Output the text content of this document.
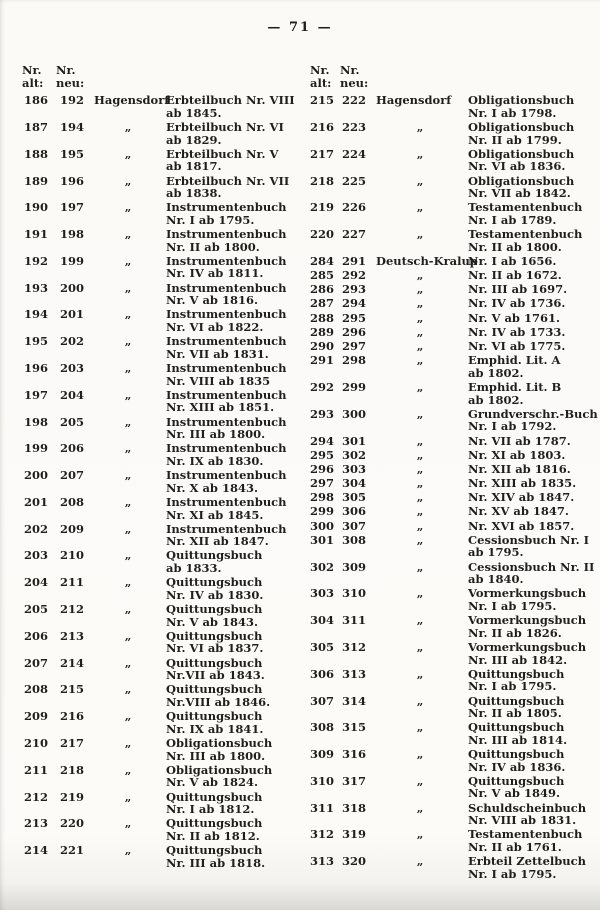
— 71 —
Nr.
alt:
Nr.
neu:
186	192 Hagensdorf
Erbteilbuch Nr. VIII
ab 1845.
187	194	„	Erbteilbuch Nr. VI
ab 1829.
188	195	„	Erbteilbuch Nr. V
ab 1817.
189	196	„	Erbteilbuch Nr. VII
ab 1838.
190	197	„	Instrumentenbuch
Nr. I ab 1795.
191	198	„	Instrumentenbuch
Nr. II ab 1800.
192	199	„	Instrumentenbuch
Nr. IV ab 1811.
193	200	„	Instrumentenbuch
Nr. V ab 1816.
194	201	„	Instrumentenbuch
Nr. VI ab 1822.
195	202	„	Instrumentenbuch
Nr. VII ab 1831.
196	203	„	Instrumentenbuch
Nr. VIII ab 1835
197	204	„	Instrumentenbuch
Nr. XIII ab 1851.
198	205	„	Instrumentenbuch
Nr. III ab 1800.
199	206	„	Instrumentenbuch
Nr. IX ab 1830.
200	207	„	Instrumentenbuch
Nr. X ab 1843.
201	208	„	Instrumentenbuch
Nr. XI ab 1845.
202	209	„	Instrumentenbuch
Nr. XII ab 1847.
203	210	„	Quittungsbuch
ab 1833.
204	211	„	Quittungsbuch
Nr. IV ab 1830.
205	212	„	Quittungsbuch
Nr. V ab 1843.
206	213	„	Quittungsbuch
Nr. VI ab 1837.
207	214	„	Quittungsbuch
Nr.VII ab 1843.
208	215	„	Quittungsbuch
Nr.VIII ab 1846.
209	216	„	Quittungsbuch
Nr. IX ab 1841.
210	217	„	Obligationsbuch
Nr. III ab 1800.
211	218	„	Obligationsbuch
Nr. V ab 1824.
212	219	„	Quittungsbuch
Nr. I ab 1812.
213	220	„	Quittungsbuch
Nr. II ab 1812.
214	221	„	Quittungsbuch
Nr. III ab 1818.
Nr.
alt:
Nr.
neu:
215 222 Hagensdorf	Obligationsbuch
Nr. I ab 1798.
216 223	„	Obligationsbuch
Nr. II ab 1799.
217 224	„	Obligationsbuch
Nr. VI ab 1836.
218 225	„	Obligationsbuch
Nr. VII ab 1842.
219 226	„	Testamentenbuch
Nr. I ab 1789.
220 227	„	Testamentenbuch
Nr. II ab 1800.
284 291 Deutsch-Kralup
Nr. I ab 1656.
285 292	„	Nr. II ab 1672.
286 293	„	Nr. III ab 1697.
287 294	„	Nr. IV ab 1736.
288 295	„	Nr. V ab 1761.
289 296	„	Nr. IV ab 1733.
290 297	„	Nr. VI ab 1775.
291 298	„	Emphid. Lit. A
ab 1802.
292 299	„	Emphid. Lit. B
ab 1802.
293 300	„	Grundverschr.-Buch
Nr. I ab 1792.
294 301	„	Nr. VII ab 1787.
295 302	„	Nr. XI ab 1803.
296 303	„	Nr. XII ab 1816.
297 304	„	Nr. XIII ab 1835.
298 305	„	Nr. XIV ab 1847.
299 306	„	Nr. XV ab 1847.
300 307	„	Nr. XVI ab 1857.
301 308	„	Cessionsbuch Nr. I
ab 1795.
302 309	„	Cessionsbuch Nr. II
ab 1840.
303 310	„	Vormerkungsbuch
Nr. I ab 1795.
304 311	„	Vormerkungsbuch
Nr. II ab 1826.
305 312	„	Vormerkungsbuch
Nr. III ab 1842.
306 313	„	Quittungsbuch
Nr. I ab 1795.
307 314	„	Quittungsbuch
Nr. II ab 1805.
308 315	„	Quittungsbuch
Nr. III ab 1814.
309 316	„	Quittungsbuch
Nr. IV ab 1836.
310 317	„	Quittungsbuch
Nr. V ab 1849.
311 318	„	Schuldscheinbuch
Nr. VIII ab 1831.
312 319	„	Testamentenbuch
Nr. II ab 1761.
313 320	„	Erbteil Zettelbuch
Nr. I ab 1795.
